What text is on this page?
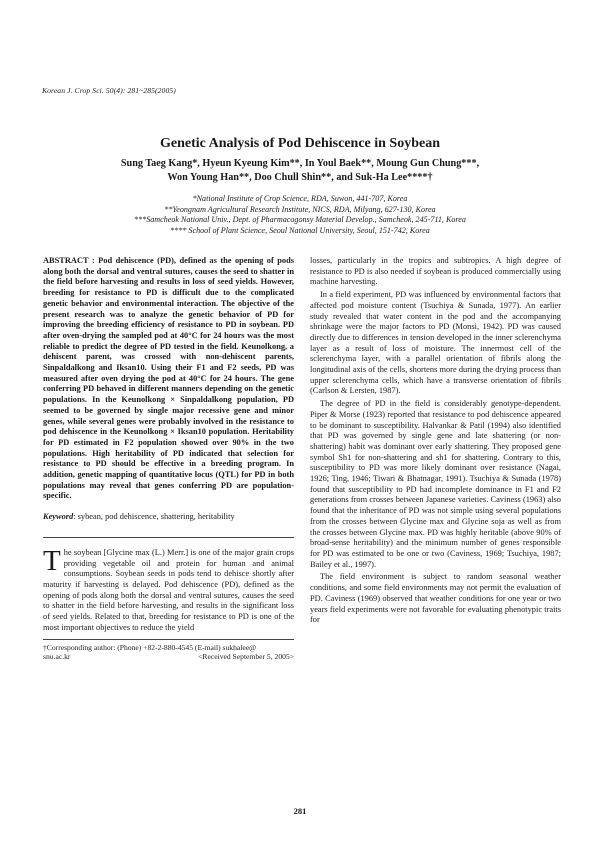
Korean J. Crop Sci. 50(4): 281~285(2005)
Genetic Analysis of Pod Dehiscence in Soybean
Sung Taeg Kang*, Hyeun Kyeung Kim**, In Youl Baek**, Moung Gun Chung***,
Won Young Han**, Doo Chull Shin**, and Suk-Ha Lee****†
*National Institute of Crop Science, RDA, Suwon, 441-707, Korea
**Yeongnam Agricultural Research Institute, NICS, RDA, Milyang, 627-130, Korea
***Samcheok National Univ., Dept. of Pharmacogonsy Material Develop., Samcheok, 245-711, Korea
**** School of Plant Science, Seoul National University, Seoul, 151-742, Korea

ABSTRACT : Pod dehiscence (PD), defined as the opening of pods along both the dorsal and ventral sutures, causes the seed to shatter in the field before harvesting and results in loss of seed yields. However, breeding for resistance to PD is difficult due to the complicated genetic behavior and environmental interaction. The objective of the present research was to analyze the genetic behavior of PD for improving the breeding efficiency of resistance to PD in soybean. PD after oven-drying the sampled pod at 40°C for 24 hours was the most reliable to predict the degree of PD tested in the field. Keunolkong, a dehiscent parent, was crossed with non-dehiscent parents, Sinpaldalkong and Iksan10. Using their F1 and F2 seeds, PD was measured after oven drying the pod at 40°C for 24 hours. The gene conferring PD behaved in different manners depending on the genetic populations. In the Keunolkong × Sinpaldalkong population, PD seemed to be governed by single major recessive gene and minor genes, while several genes were probably involved in the resistance to pod dehiscence in the Keunolkong × Iksan10 population. Heritability for PD estimated in F2 population showed over 90% in the two populations. High heritability of PD indicated that selection for resistance to PD should be effective in a breeding program. In addition, genetic mapping of quantitative locus (QTL) for PD in both populations may reveal that genes conferring PD are population-specific.

Keyword: sybean, pod dehiscence, shattering, heritability

The soybean [Glycine max (L.) Merr.] is one of the major grain crops providing vegetable oil and protein for human and animal consumptions. Soybean seeds in pods tend to dehisce shortly after maturity if harvesting is delayed. Pod dehiscence (PD), defined as the opening of pods along both the dorsal and ventral sutures, causes the seed to shatter in the field before harvesting, and results in the significant loss of seed yields. Related to that, breeding for resistance to PD is one of the most important objectives to reduce the yield

†Corresponding author: (Phone) +82-2-880-4545 (E-mail) sukhalee@
snu.ac.kr	<Received September 5, 2005>

losses, particularly in the tropics and subtropics. A high degree of resistance to PD is also needed if soybean is produced commercially using machine harvesting.

In a field experiment, PD was influenced by environmental factors that affected pod moisture content (Tsuchiya & Sunada, 1977). An earlier study revealed that water content in the pod and the accompanying shrinkage were the major factors to PD (Monsi, 1942). PD was caused directly due to differences in tension developed in the inner sclerenchyma layer as a result of loss of moisture. The innermost cell of the sclerenchyma layer, with a parallel orientation of fibrils along the longitudinal axis of the cells, shortens more during the drying process than upper sclerenchyma cells, which have a transverse orientation of fibrils (Carlson & Lersten, 1987).

The degree of PD in the field is considerably genotype-dependent. Piper & Morse (1923) reported that resistance to pod dehiscence appeared to be dominant to susceptibility. Halvankar & Patil (1994) also identified that PD was governed by single gene and late shattering (or non-shattering) habit was dominant over early shattering. They proposed gene symbol Sh1 for non-shattering and sh1 for shattering. Contrary to this, susceptibility to PD was more likely dominant over resistance (Nagai, 1926; Ting, 1946; Tiwari & Bhatnagar, 1991). Tsuchiya & Sunada (1978) found that susceptibility to PD had incomplete dominance in F1 and F2 generations from crosses between Japanese varieties. Caviness (1963) also found that the inheritance of PD was not simple using several populations from the crosses between Glycine max and Glycine soja as well as from the crosses between Glycine max. PD was highly heritable (above 90% of broad-sense heritability) and the minimum number of genes responsible for PD was estimated to be one or two (Caviness, 1969; Tsuchiya, 1987; Bailey et al., 1997).

The field environment is subject to random seasonal weather conditions, and some field environments may not permit the evaluation of PD. Caviness (1969) observed that weather conditions for one year or two years field experiments were not favorable for evaluating phenotypic traits for

281
